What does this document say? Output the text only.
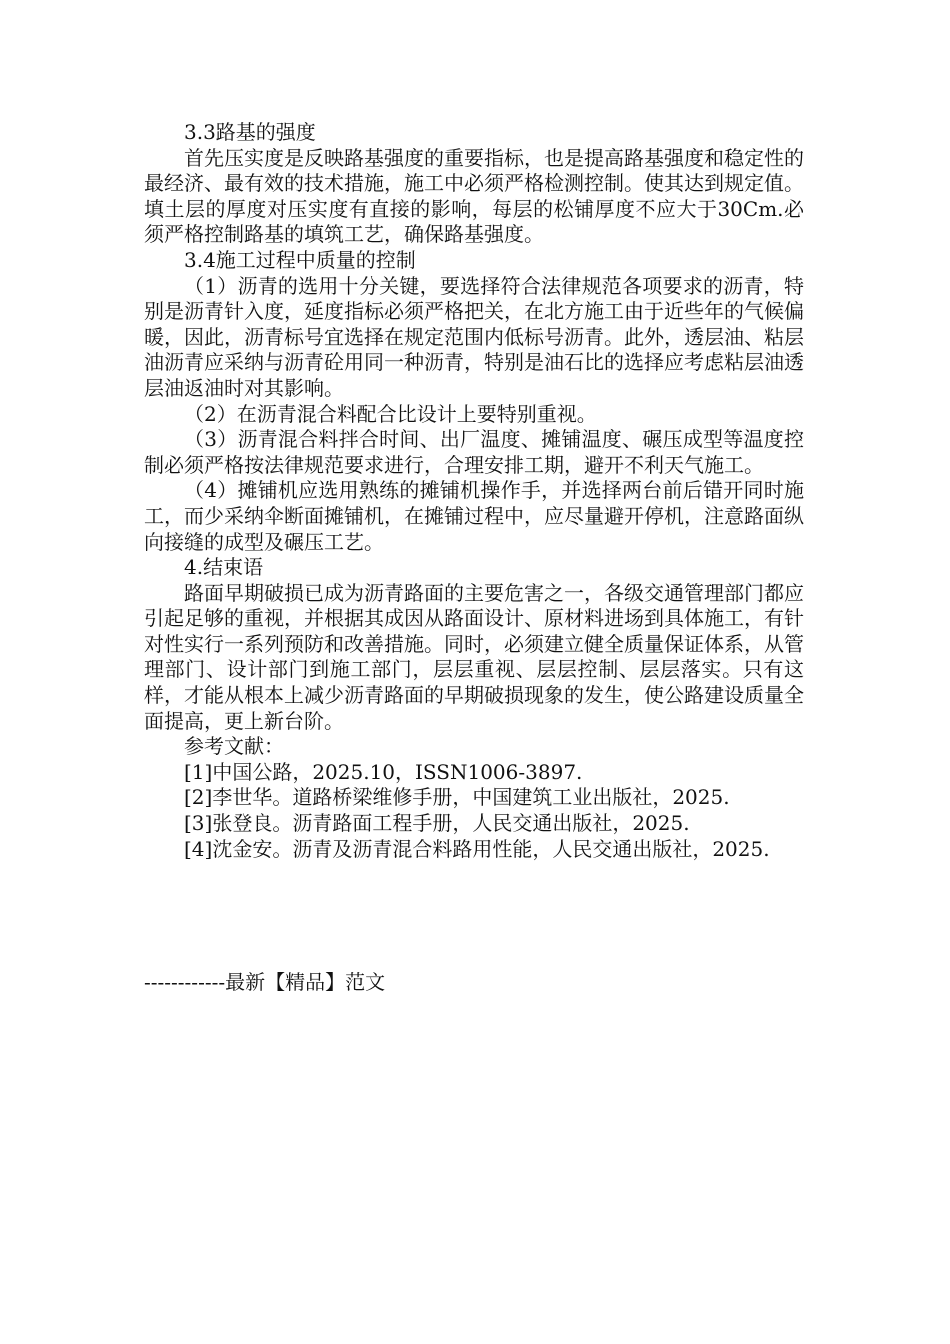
3.3路基的强度

首先压实度是反映路基强度的重要指标，也是提高路基强度和稳定性的最经济、最有效的技术措施，施工中必须严格检测控制。使其达到规定值。填土层的厚度对压实度有直接的影响，每层的松铺厚度不应大于30Cm.必须严格控制路基的填筑工艺，确保路基强度。

3.4施工过程中质量的控制

（1）沥青的选用十分关键，要选择符合法律规范各项要求的沥青，特别是沥青针入度，延度指标必须严格把关，在北方施工由于近些年的气候偏暖，因此，沥青标号宜选择在规定范围内低标号沥青。此外，透层油、粘层油沥青应采纳与沥青砼用同一种沥青，特别是油石比的选择应考虑粘层油透层油返油时对其影响。

（2）在沥青混合料配合比设计上要特别重视。

（3）沥青混合料拌合时间、出厂温度、摊铺温度、碾压成型等温度控制必须严格按法律规范要求进行，合理安排工期，避开不利天气施工。

（4）摊铺机应选用熟练的摊铺机操作手，并选择两台前后错开同时施工，而少采纳伞断面摊铺机，在摊铺过程中，应尽量避开停机，注意路面纵向接缝的成型及碾压工艺。

4.结束语

路面早期破损已成为沥青路面的主要危害之一，各级交通管理部门都应引起足够的重视，并根据其成因从路面设计、原材料进场到具体施工，有针对性实行一系列预防和改善措施。同时，必须建立健全质量保证体系，从管理部门、设计部门到施工部门，层层重视、层层控制、层层落实。只有这样，才能从根本上减少沥青路面的早期破损现象的发生，使公路建设质量全面提高，更上新台阶。

参考文献：

[1]中国公路，2025.10，ISSN1006-3897.

[2]李世华。道路桥梁维修手册，中国建筑工业出版社，2025.

[3]张登良。沥青路面工程手册，人民交通出版社，2025.

[4]沈金安。沥青及沥青混合料路用性能，人民交通出版社，2025.

------------最新【精品】范文
